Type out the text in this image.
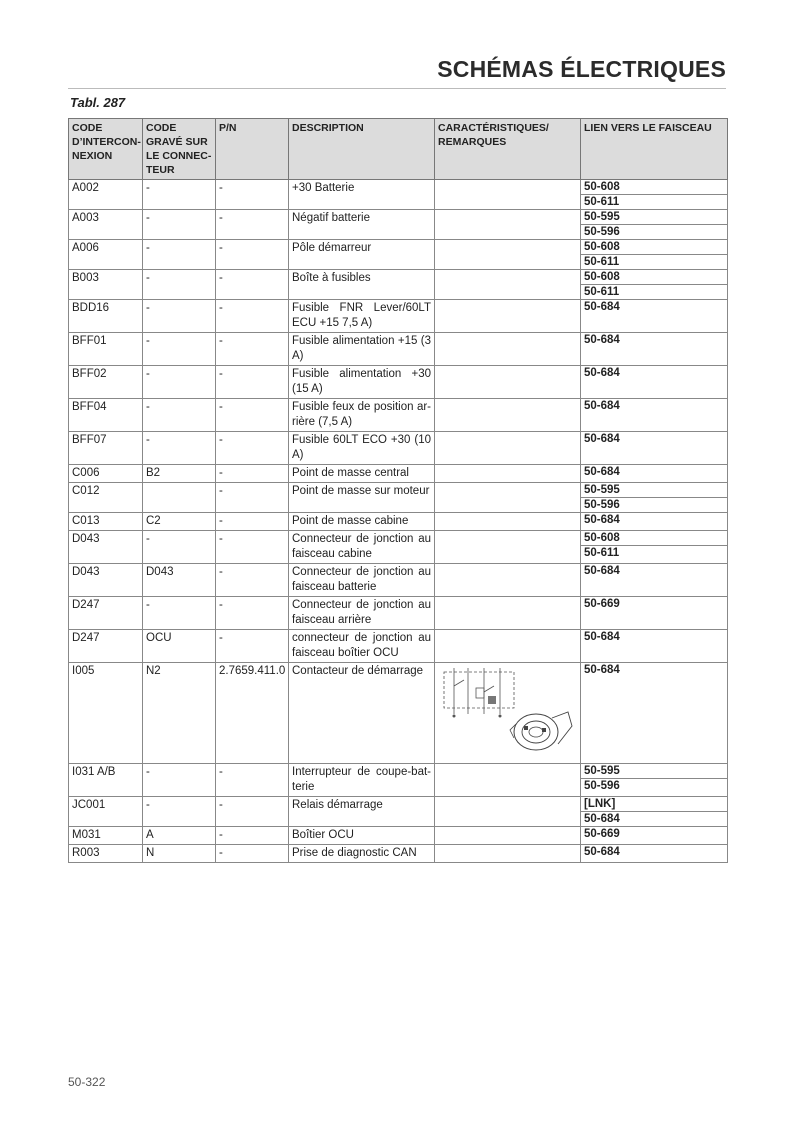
SCHÉMAS ÉLECTRIQUES
Tabl. 287
CODE D’INTERCON-NEXION	CODE GRAVÉ SUR LE CONNEC-TEUR	P/N	DESCRIPTION	CARACTÉRISTIQUES/ REMARQUES	LIEN VERS LE FAISCEAU
A002	-	-	+30 Batterie		50-608
50-611

A003	-	-	Négatif batterie		50-595
50-596

A006	-	-	Pôle démarreur		50-608
50-611

B003	-	-	Boîte à fusibles		50-608
50-611

BDD16	-	-	Fusible FNR Lever/60LT ECU +15 7,5 A)		50-684

BFF01	-	-	Fusible alimentation +15 (3 A)		50-684

BFF02	-	-	Fusible alimentation +30 (15 A)		50-684

BFF04	-	-	Fusible feux de position ar-rière (7,5 A)		50-684

BFF07	-	-	Fusible 60LT ECO +30 (10 A)		50-684

C006	B2	-	Point de masse central		50-684

C012		-	Point de masse sur moteur		50-595
50-596

C013	C2	-	Point de masse cabine		50-684

D043	-	-	Connecteur de jonction au faisceau cabine		50-608
50-611

D043	D043	-	Connecteur de jonction au faisceau batterie		50-684

D247	-	-	Connecteur de jonction au faisceau arrière		50-669

D247	OCU	-	connecteur de jonction au faisceau boîtier OCU		50-684

I005	N2	2.7659.411.0	Contacteur de démarrage		50-684

I031 A/B	-	-	Interrupteur de coupe-bat-terie		50-595
50-596

JC001	-	-	Relais démarrage		[LNK]
50-684

M031	A	-	Boîtier OCU		50-669

R003	N	-	Prise de diagnostic CAN		50-684
50-322
